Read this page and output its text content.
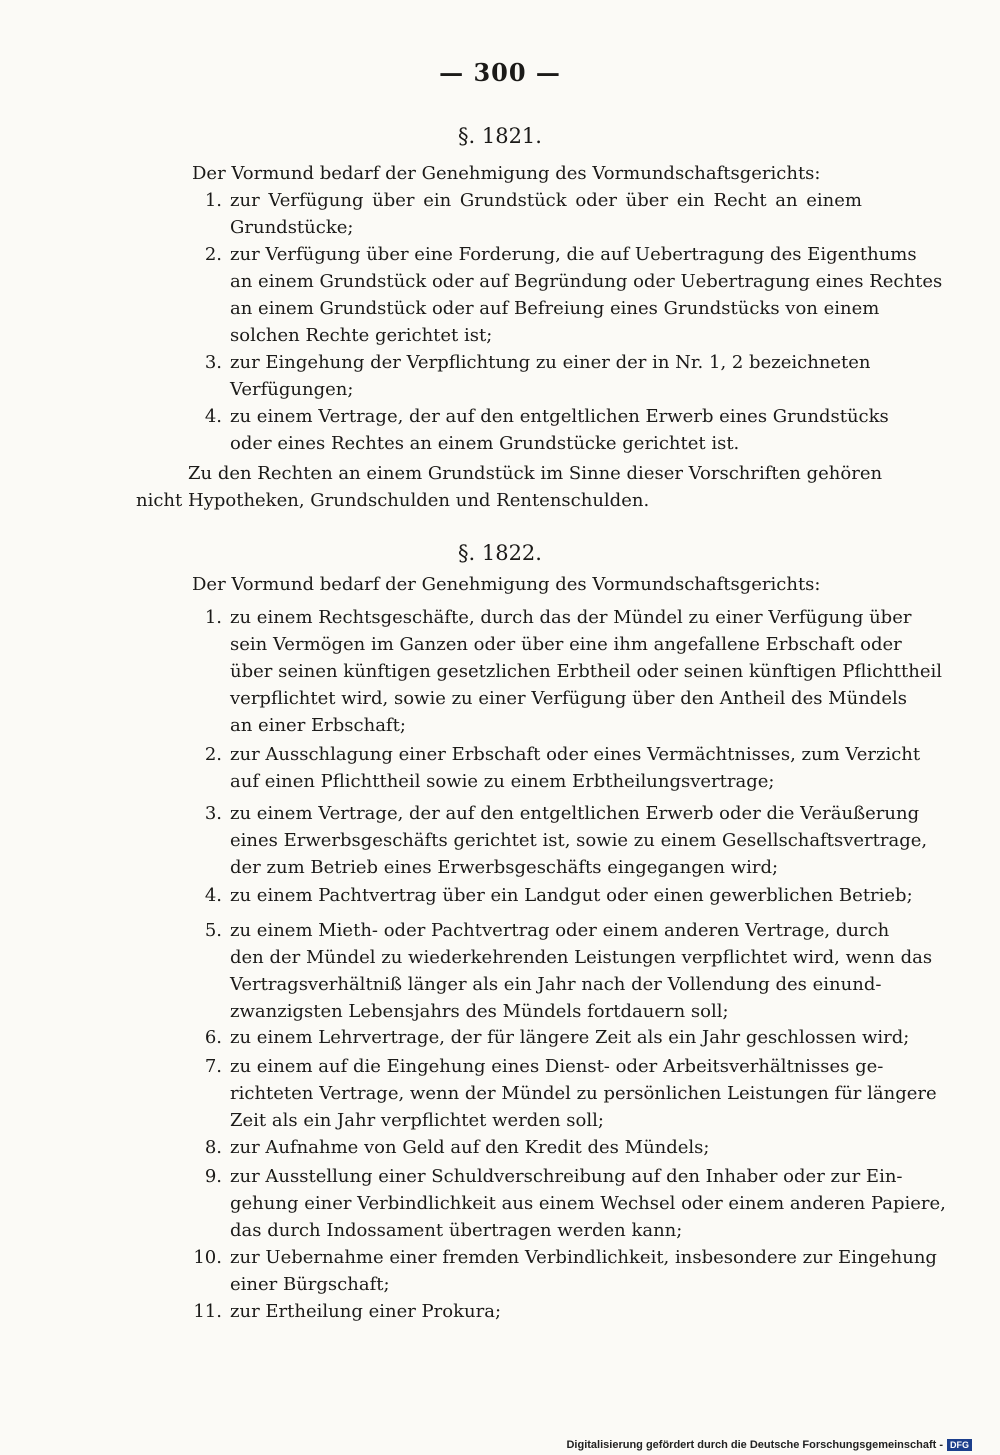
— 300 —
§. 1821.
Der Vormund bedarf der Genehmigung des Vormundschaftsgerichts:
1. zur Verfügung über ein Grundstück oder über ein Recht an einem
Grundstücke;
2. zur Verfügung über eine Forderung, die auf Uebertragung des Eigenthums
an einem Grundstück oder auf Begründung oder Uebertragung eines Rechtes
an einem Grundstück oder auf Befreiung eines Grundstücks von einem
solchen Rechte gerichtet ist;
3. zur Eingehung der Verpflichtung zu einer der in Nr. 1, 2 bezeichneten
Verfügungen;
4. zu einem Vertrage, der auf den entgeltlichen Erwerb eines Grundstücks
oder eines Rechtes an einem Grundstücke gerichtet ist.
Zu den Rechten an einem Grundstück im Sinne dieser Vorschriften gehören
nicht Hypotheken, Grundschulden und Rentenschulden.
§. 1822.
Der Vormund bedarf der Genehmigung des Vormundschaftsgerichts:
1. zu einem Rechtsgeschäfte, durch das der Mündel zu einer Verfügung über
sein Vermögen im Ganzen oder über eine ihm angefallene Erbschaft oder
über seinen künftigen gesetzlichen Erbtheil oder seinen künftigen Pflichttheil
verpflichtet wird, sowie zu einer Verfügung über den Antheil des Mündels
an einer Erbschaft;
2. zur Ausschlagung einer Erbschaft oder eines Vermächtnisses, zum Verzicht
auf einen Pflichttheil sowie zu einem Erbtheilungsvertrage;
3. zu einem Vertrage, der auf den entgeltlichen Erwerb oder die Veräußerung
eines Erwerbsgeschäfts gerichtet ist, sowie zu einem Gesellschaftsvertrage,
der zum Betrieb eines Erwerbsgeschäfts eingegangen wird;
4. zu einem Pachtvertrag über ein Landgut oder einen gewerblichen Betrieb;
5. zu einem Mieth- oder Pachtvertrag oder einem anderen Vertrage, durch
den der Mündel zu wiederkehrenden Leistungen verpflichtet wird, wenn das
Vertragsverhältniß länger als ein Jahr nach der Vollendung des einund-
zwanzigsten Lebensjahrs des Mündels fortdauern soll;
6. zu einem Lehrvertrage, der für längere Zeit als ein Jahr geschlossen wird;
7. zu einem auf die Eingehung eines Dienst- oder Arbeitsverhältnisses ge-
richteten Vertrage, wenn der Mündel zu persönlichen Leistungen für längere
Zeit als ein Jahr verpflichtet werden soll;
8. zur Aufnahme von Geld auf den Kredit des Mündels;
9. zur Ausstellung einer Schuldverschreibung auf den Inhaber oder zur Ein-
gehung einer Verbindlichkeit aus einem Wechsel oder einem anderen Papiere,
das durch Indossament übertragen werden kann;
10. zur Uebernahme einer fremden Verbindlichkeit, insbesondere zur Eingehung
einer Bürgschaft;
11. zur Ertheilung einer Prokura;
Digitalisierung gefördert durch die Deutsche Forschungsgemeinschaft - DFG
